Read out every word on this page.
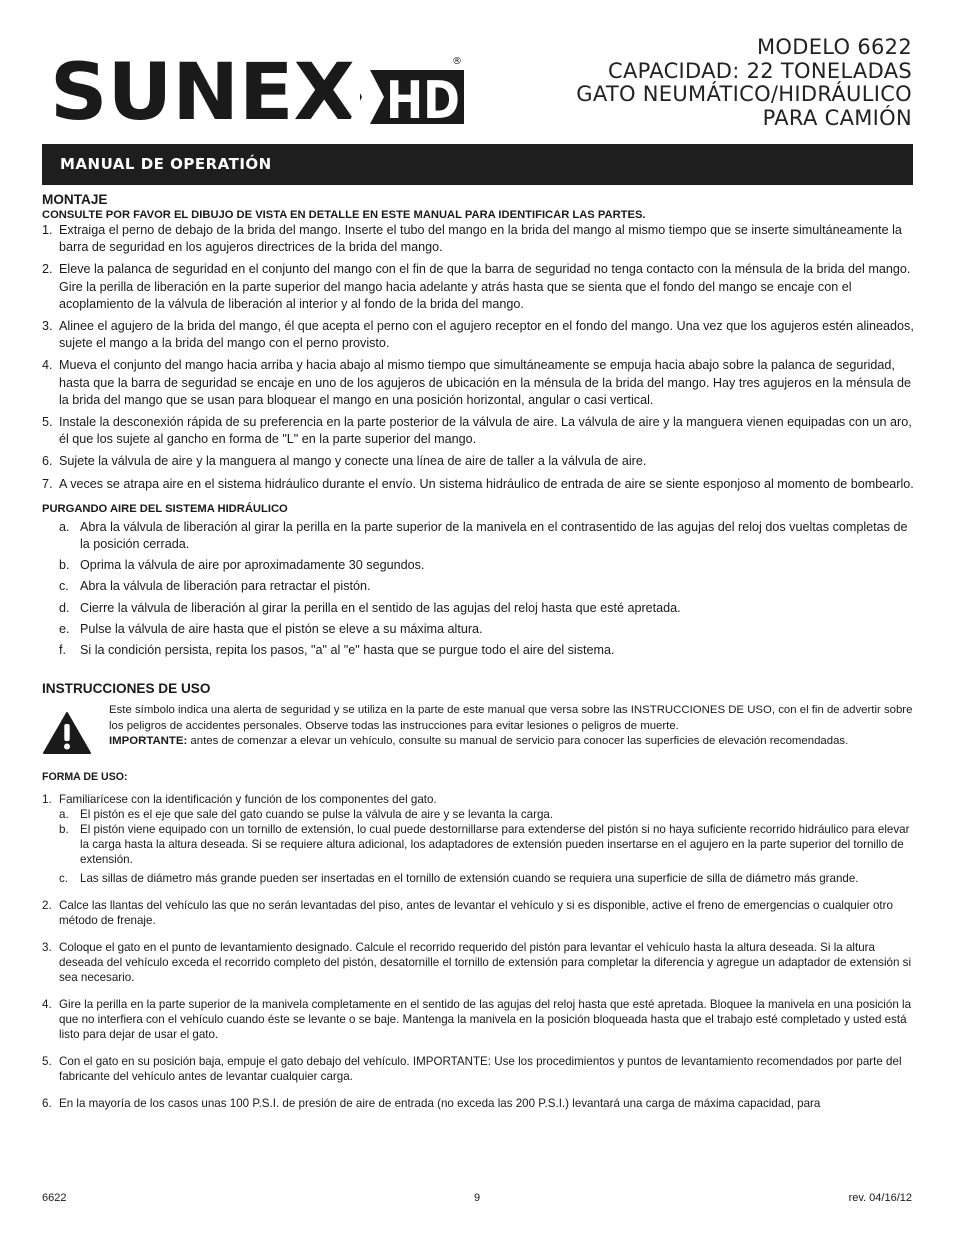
SUNEX HD
®
MODELO 6622
CAPACIDAD: 22 TONELADAS
GATO NEUMÁTICO/HIDRÁULICO
PARA CAMIÓN
MANUAL DE OPERATIÓN
MONTAJE
CONSULTE POR FAVOR EL DIBUJO DE VISTA EN DETALLE EN ESTE MANUAL PARA IDENTIFICAR LAS PARTES.
1. Extraiga el perno de debajo de la brida del mango. Inserte el tubo del mango en la brida del mango al mismo tiempo que se inserte simultáneamente la barra de seguridad en los agujeros directrices de la brida del mango.
2. Eleve la palanca de seguridad en el conjunto del mango con el fin de que la barra de seguridad no tenga contacto con la ménsula de la brida del mango. Gire la perilla de liberación en la parte superior del mango hacia adelante y atrás hasta que se sienta que el fondo del mango se encaje con el acoplamiento de la válvula de liberación al interior y al fondo de la brida del mango.
3. Alinee el agujero de la brida del mango, él que acepta el perno con el agujero receptor en el fondo del mango. Una vez que los agujeros estén alineados, sujete el mango a la brida del mango con el perno provisto.
4. Mueva el conjunto del mango hacia arriba y hacia abajo al mismo tiempo que simultáneamente se empuja hacia abajo sobre la palanca de seguridad, hasta que la barra de seguridad se encaje en uno de los agujeros de ubicación en la ménsula de la brida del mango. Hay tres agujeros en la ménsula de la brida del mango que se usan para bloquear el mango en una posición horizontal, angular o casi vertical.
5. Instale la desconexión rápida de su preferencia en la parte posterior de la válvula de aire. La válvula de aire y la manguera vienen equipadas con un aro, él que los sujete al gancho en forma de "L" en la parte superior del mango.
6. Sujete la válvula de aire y la manguera al mango y conecte una línea de aire de taller a la válvula de aire.
7. A veces se atrapa aire en el sistema hidráulico durante el envío. Un sistema hidráulico de entrada de aire se siente esponjoso al momento de bombearlo.
PURGANDO AIRE DEL SISTEMA HIDRÁULICO
a. Abra la válvula de liberación al girar la perilla en la parte superior de la manivela en el contrasentido de las agujas del reloj dos vueltas completas de la posición cerrada.
b. Oprima la válvula de aire por aproximadamente 30 segundos.
c. Abra la válvula de liberación para retractar el pistón.
d. Cierre la válvula de liberación al girar la perilla en el sentido de las agujas del reloj hasta que esté apretada.
e. Pulse la válvula de aire hasta que el pistón se eleve a su máxima altura.
f. Si la condición persista, repita los pasos, "a" al "e" hasta que se purgue todo el aire del sistema.
INSTRUCCIONES DE USO
Este símbolo indica una alerta de seguridad y se utiliza en la parte de este manual que versa sobre las INSTRUCCIONES DE USO, con el fin de advertir sobre los peligros de accidentes personales. Observe todas las instrucciones para evitar lesiones o peligros de muerte.
IMPORTANTE: antes de comenzar a elevar un vehículo, consulte su manual de servicio para conocer las superficies de elevación recomendadas.
FORMA DE USO:
1. Familiarícese con la identificación y función de los componentes del gato.
a. El pistón es el eje que sale del gato cuando se pulse la válvula de aire y se levanta la carga.
b. El pistón viene equipado con un tornillo de extensión, lo cual puede destornillarse para extenderse del pistón si no haya suficiente recorrido hidráulico para elevar la carga hasta la altura deseada. Si se requiere altura adicional, los adaptadores de extensión pueden insertarse en el agujero en la parte superior del tornillo de extensión.
c. Las sillas de diámetro más grande pueden ser insertadas en el tornillo de extensión cuando se requiera una superficie de silla de diámetro más grande.
2. Calce las llantas del vehículo las que no serán levantadas del piso, antes de levantar el vehículo y si es disponible, active el freno de emergencias o cualquier otro método de frenaje.
3. Coloque el gato en el punto de levantamiento designado. Calcule el recorrido requerido del pistón para levantar el vehículo hasta la altura deseada. Si la altura deseada del vehículo exceda el recorrido completo del pistón, desatornille el tornillo de extensión para completar la diferencia y agregue un adaptador de extensión si sea necesario.
4. Gire la perilla en la parte superior de la manivela completamente en el sentido de las agujas del reloj hasta que esté apretada. Bloquee la manivela en una posición la que no interfiera con el vehículo cuando éste se levante o se baje. Mantenga la manivela en la posición bloqueada hasta que el trabajo esté completado y usted está listo para dejar de usar el gato.
5. Con el gato en su posición baja, empuje el gato debajo del vehículo. IMPORTANTE: Use los procedimientos y puntos de levantamiento recomendados por parte del fabricante del vehículo antes de levantar cualquier carga.
6. En la mayoría de los casos unas 100 P.S.I. de presión de aire de entrada (no exceda las 200 P.S.I.) levantará una carga de máxima capacidad, para
6622	9	rev. 04/16/12
